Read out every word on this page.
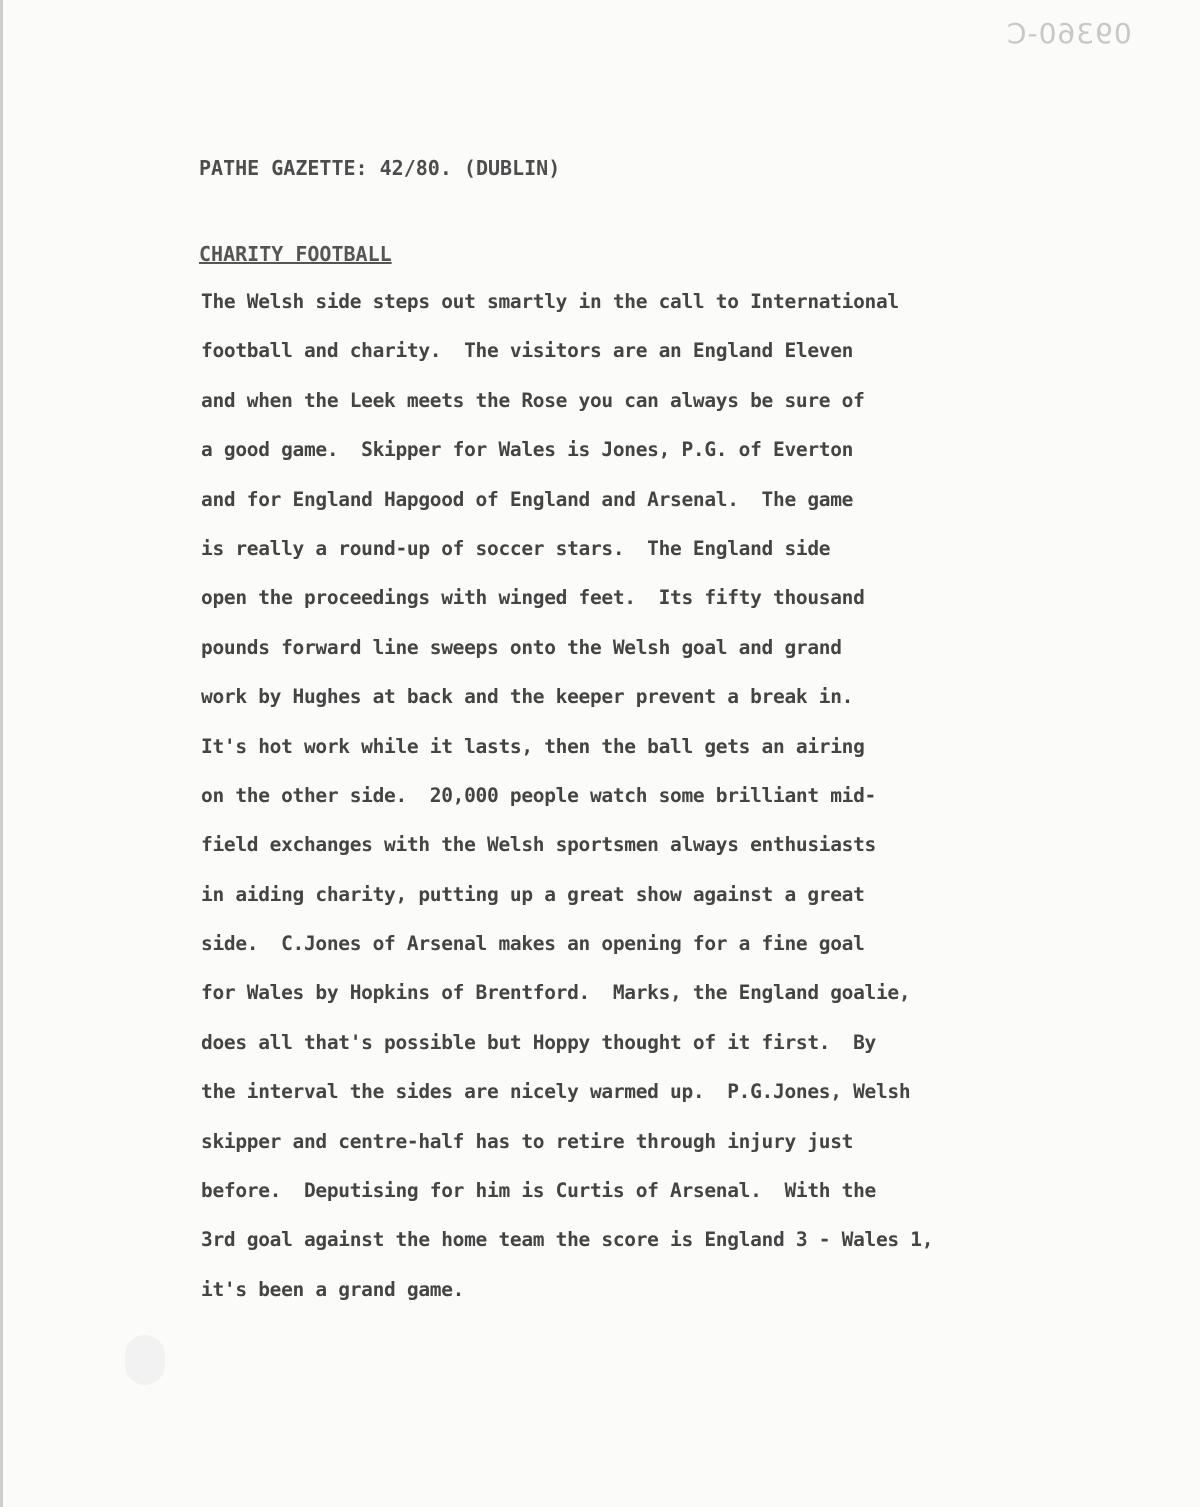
09360-C
PATHE GAZETTE: 42/80. (DUBLIN)
CHARITY FOOTBALL
The Welsh side steps out smartly in the call to International
football and charity.  The visitors are an England Eleven
and when the Leek meets the Rose you can always be sure of
a good game.  Skipper for Wales is Jones, P.G. of Everton
and for England Hapgood of England and Arsenal.  The game
is really a round-up of soccer stars.  The England side
open the proceedings with winged feet.  Its fifty thousand
pounds forward line sweeps onto the Welsh goal and grand
work by Hughes at back and the keeper prevent a break in.
It's hot work while it lasts, then the ball gets an airing
on the other side.  20,000 people watch some brilliant mid-
field exchanges with the Welsh sportsmen always enthusiasts
in aiding charity, putting up a great show against a great
side.  C.Jones of Arsenal makes an opening for a fine goal
for Wales by Hopkins of Brentford.  Marks, the England goalie,
does all that's possible but Hoppy thought of it first.  By
the interval the sides are nicely warmed up.  P.G.Jones, Welsh
skipper and centre-half has to retire through injury just
before.  Deputising for him is Curtis of Arsenal.  With the
3rd goal against the home team the score is England 3 - Wales 1,
it's been a grand game.
